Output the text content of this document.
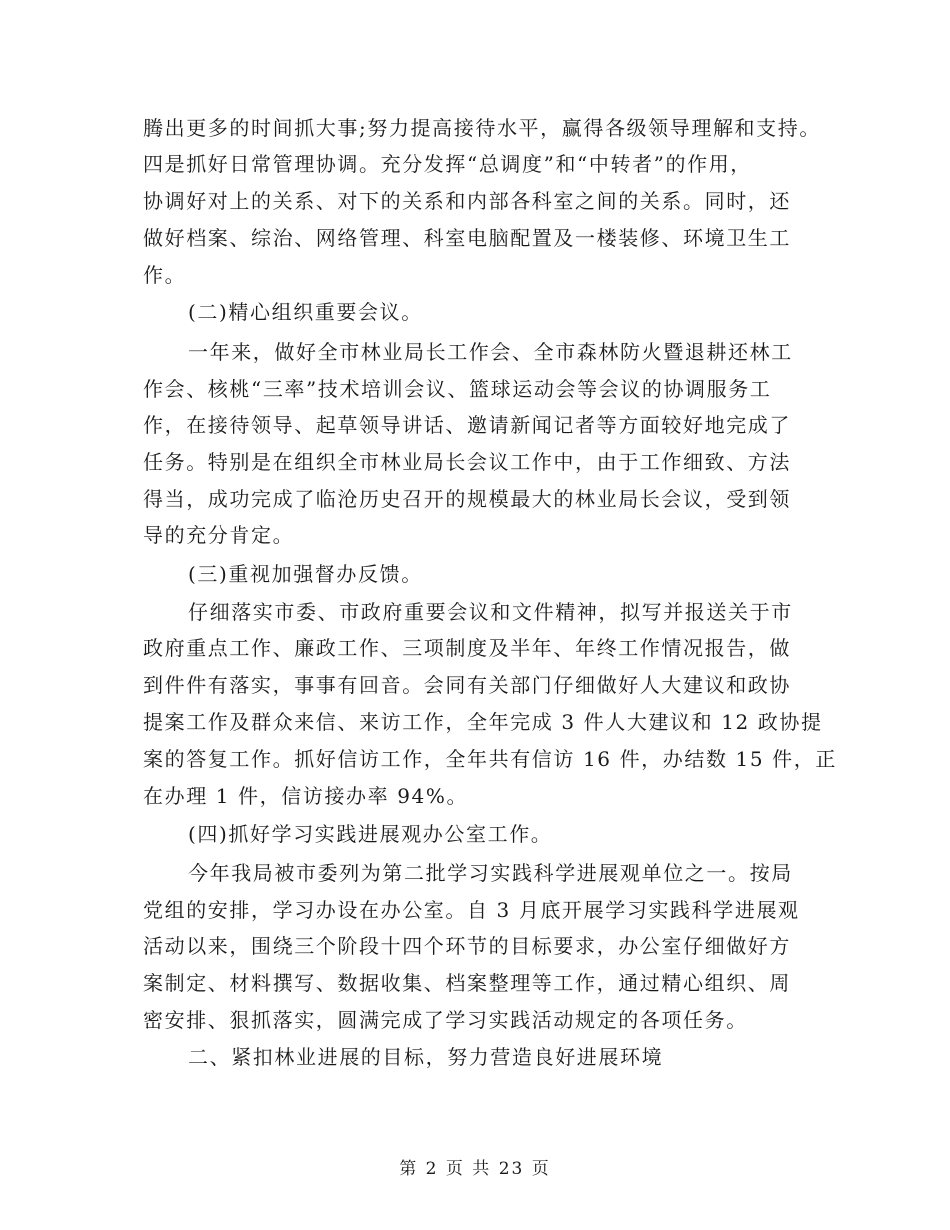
腾出更多的时间抓大事;努力提高接待水平，赢得各级领导理解和支持。
四是抓好日常管理协调。充分发挥“总调度”和“中转者”的作用，
协调好对上的关系、对下的关系和内部各科室之间的关系。同时，还
做好档案、综治、网络管理、科室电脑配置及一楼装修、环境卫生工
作。
(二)精心组织重要会议。
一年来，做好全市林业局长工作会、全市森林防火暨退耕还林工
作会、核桃“三率”技术培训会议、篮球运动会等会议的协调服务工
作，在接待领导、起草领导讲话、邀请新闻记者等方面较好地完成了
任务。特别是在组织全市林业局长会议工作中，由于工作细致、方法
得当，成功完成了临沧历史召开的规模最大的林业局长会议，受到领
导的充分肯定。
(三)重视加强督办反馈。
仔细落实市委、市政府重要会议和文件精神，拟写并报送关于市
政府重点工作、廉政工作、三项制度及半年、年终工作情况报告，做
到件件有落实，事事有回音。会同有关部门仔细做好人大建议和政协
提案工作及群众来信、来访工作，全年完成 3 件人大建议和 12 政协提
案的答复工作。抓好信访工作，全年共有信访 16 件，办结数 15 件，正
在办理 1 件，信访接办率 94%。
(四)抓好学习实践进展观办公室工作。
今年我局被市委列为第二批学习实践科学进展观单位之一。按局
党组的安排，学习办设在办公室。自 3 月底开展学习实践科学进展观
活动以来，围绕三个阶段十四个环节的目标要求，办公室仔细做好方
案制定、材料撰写、数据收集、档案整理等工作，通过精心组织、周
密安排、狠抓落实，圆满完成了学习实践活动规定的各项任务。
二、紧扣林业进展的目标，努力营造良好进展环境
第 2 页 共 23 页
